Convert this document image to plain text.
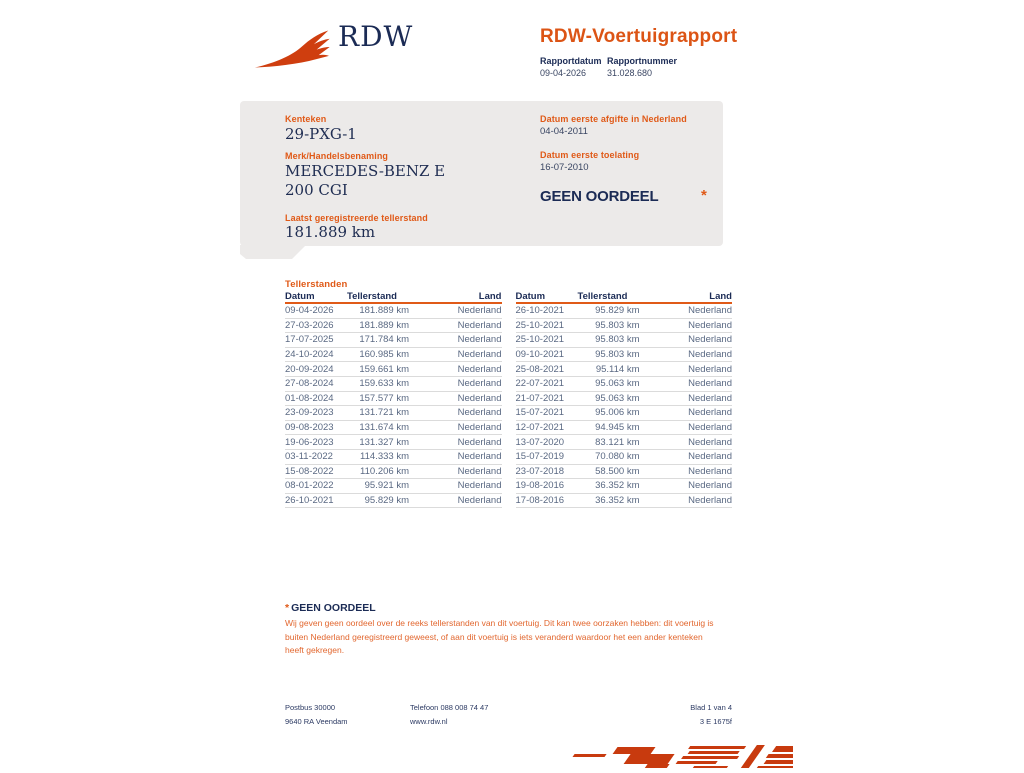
RDW	RDW-Voertuigrapport
Rapportdatum Rapportnummer
09-04-2026 31.028.680
Kenteken
29-PXG-1
Merk/Handelsbenaming
MERCEDES-BENZ E 200 CGI
Laatst geregistreerde tellerstand
181.889 km
Datum eerste afgifte in Nederland
04-04-2011
Datum eerste toelating
16-07-2010
GEEN OORDEEL	*
Tellerstanden
Datum	Tellerstand	Land
09-04-2026	181.889 km	Nederland
27-03-2026	181.889 km	Nederland
17-07-2025	171.784 km	Nederland
24-10-2024	160.985 km	Nederland
20-09-2024	159.661 km	Nederland
27-08-2024	159.633 km	Nederland
01-08-2024	157.577 km	Nederland
23-09-2023	131.721 km	Nederland
09-08-2023	131.674 km	Nederland
19-06-2023	131.327 km	Nederland
03-11-2022	114.333 km	Nederland
15-08-2022	110.206 km	Nederland
08-01-2022	95.921 km	Nederland
26-10-2021	95.829 km	Nederland
Datum	Tellerstand	Land
26-10-2021	95.829 km	Nederland
25-10-2021	95.803 km	Nederland
25-10-2021	95.803 km	Nederland
09-10-2021	95.803 km	Nederland
25-08-2021	95.114 km	Nederland
22-07-2021	95.063 km	Nederland
21-07-2021	95.063 km	Nederland
15-07-2021	95.006 km	Nederland
12-07-2021	94.945 km	Nederland
13-07-2020	83.121 km	Nederland
15-07-2019	70.080 km	Nederland
23-07-2018	58.500 km	Nederland
19-08-2016	36.352 km	Nederland
17-08-2016	36.352 km	Nederland
* GEEN OORDEEL
Wij geven geen oordeel over de reeks tellerstanden van dit voertuig. Dit kan twee oorzaken hebben: dit voertuig is buiten Nederland geregistreerd geweest, of aan dit voertuig is iets veranderd waardoor het een ander kenteken heeft gekregen.
Postbus 30000
9640 RA Veendam
Telefoon 088 008 74 47
www.rdw.nl
Blad 1 van 4
3 E 1675f
